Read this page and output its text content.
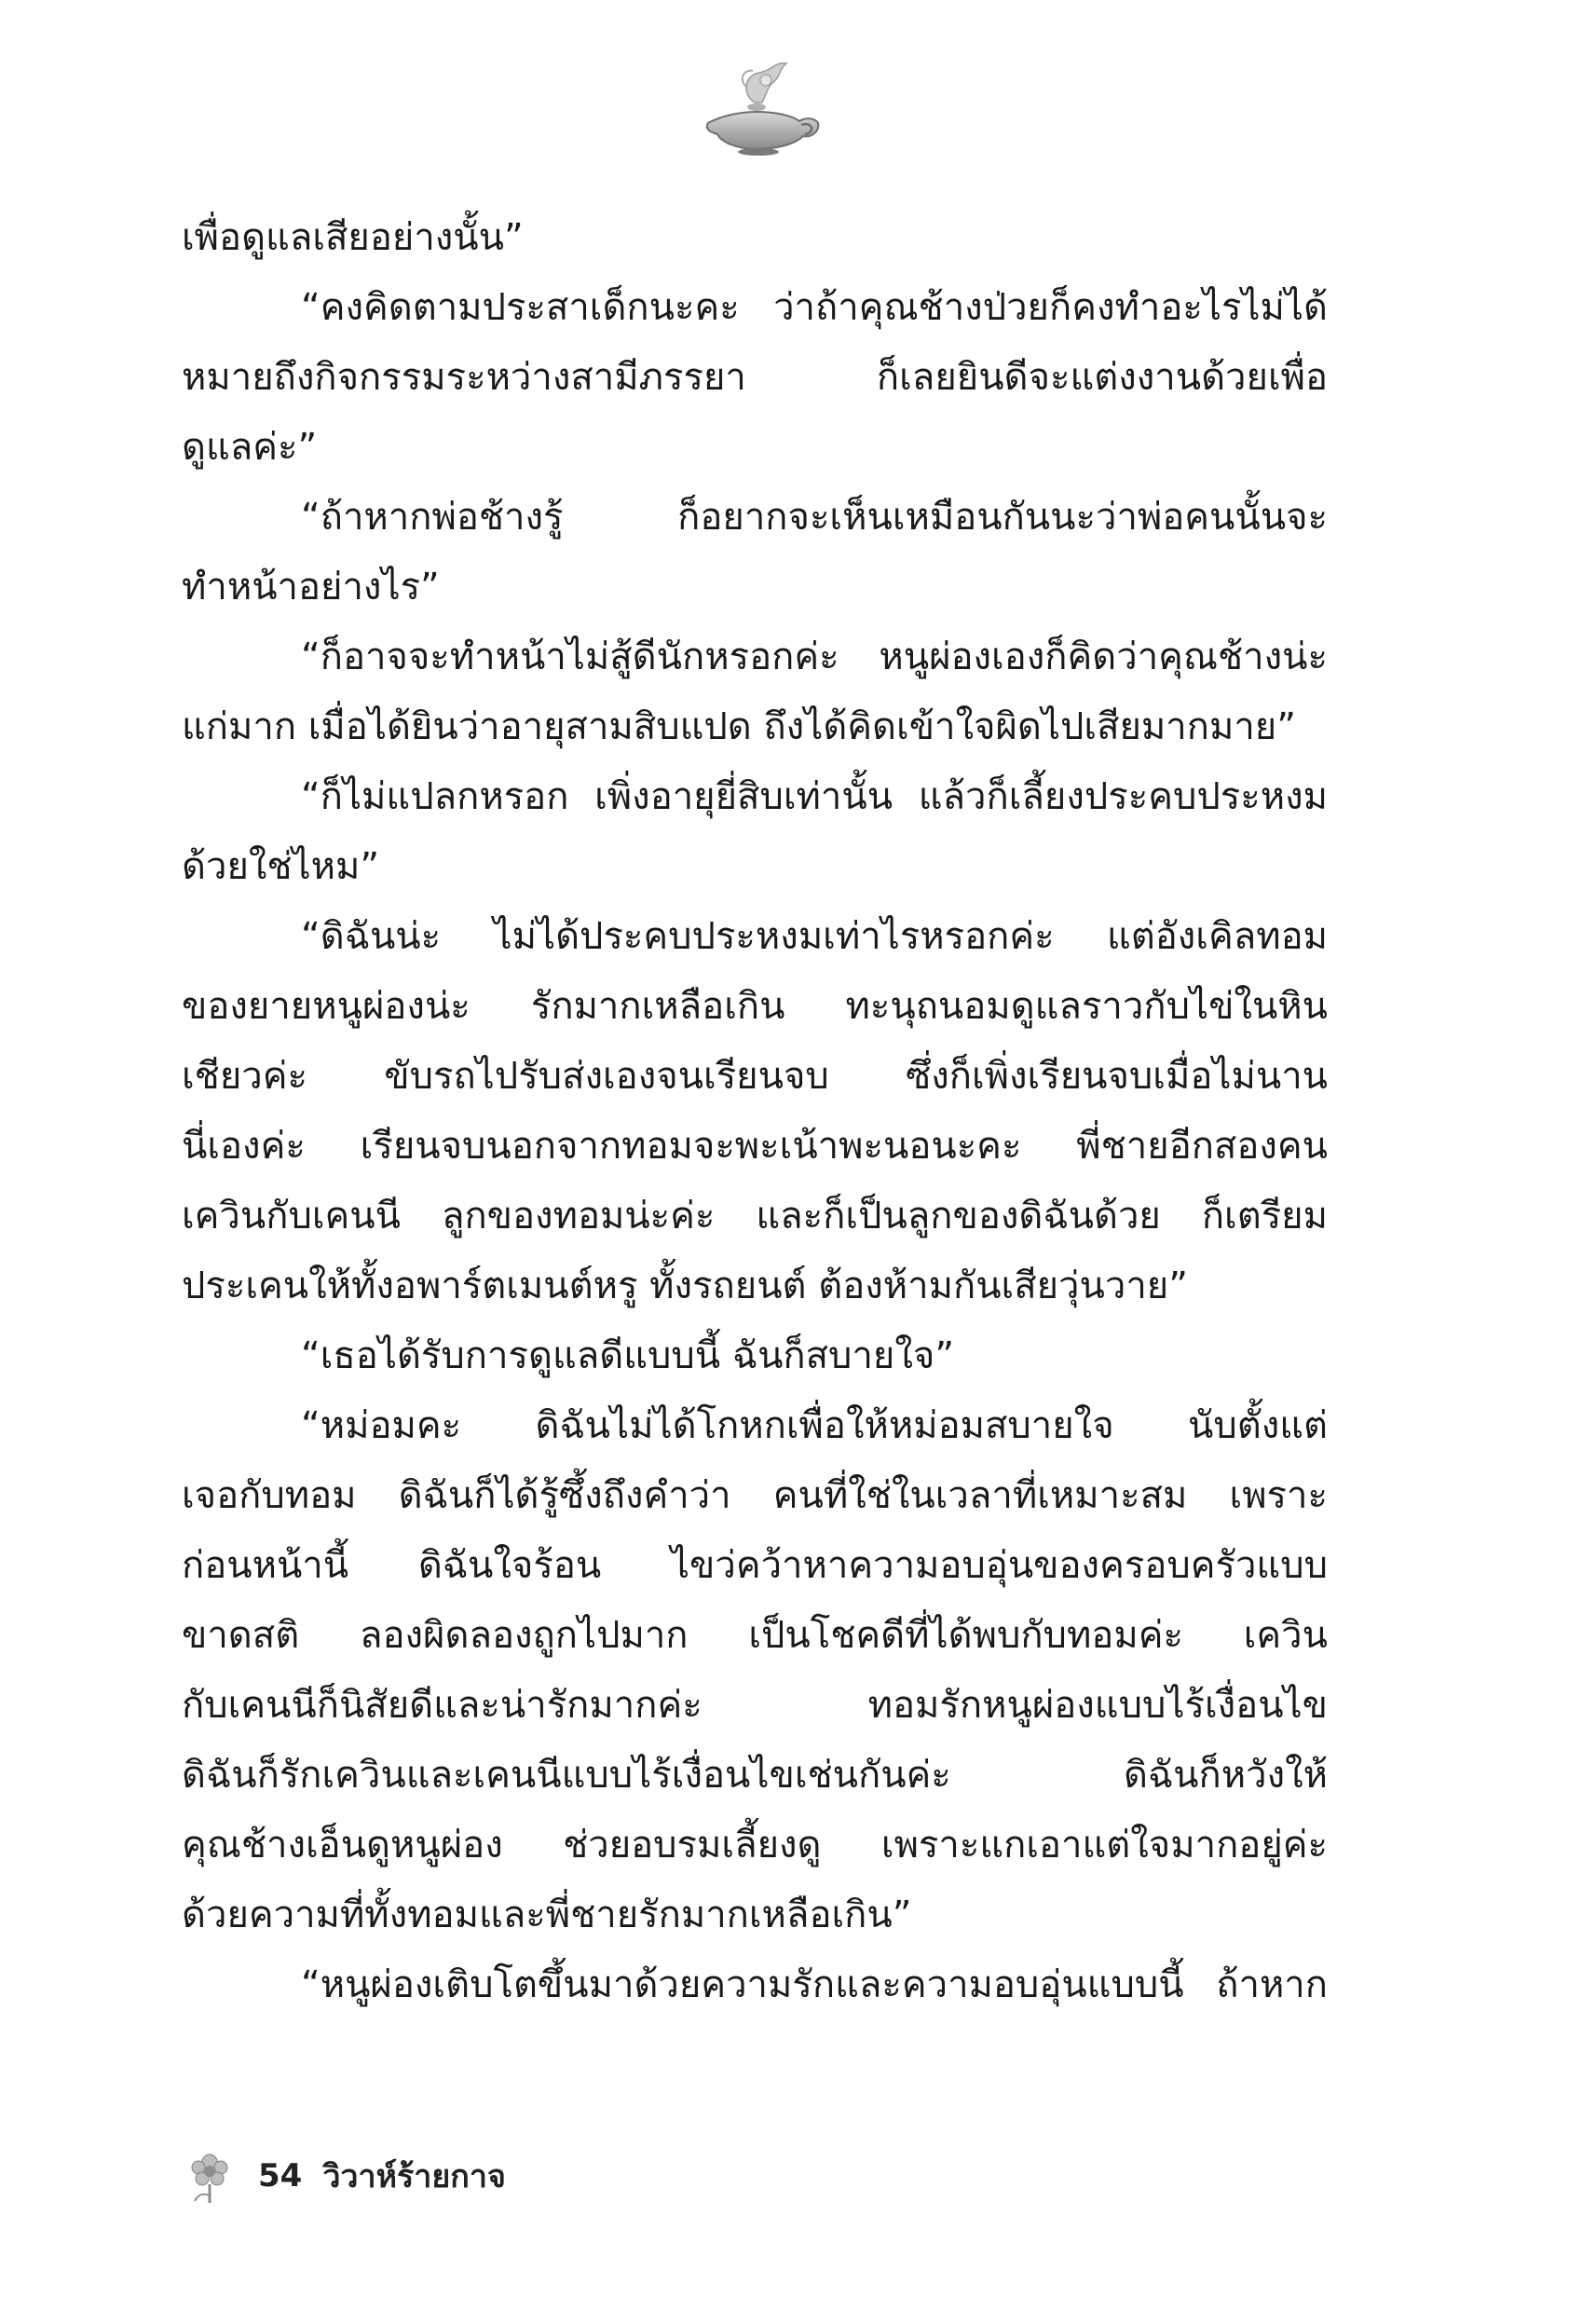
เพื่อดูแลเสียอย่างนั้น”

“คงคิดตามประสาเด็กนะคะ ว่าถ้าคุณช้างป่วยก็คงทำอะไรไม่ได้
หมายถึงกิจกรรมระหว่างสามีภรรยา ก็เลยยินดีจะแต่งงานด้วยเพื่อ
ดูแลค่ะ”

“ถ้าหากพ่อช้างรู้ ก็อยากจะเห็นเหมือนกันนะว่าพ่อคนนั้นจะ
ทำหน้าอย่างไร”

“ก็อาจจะทำหน้าไม่สู้ดีนักหรอกค่ะ หนูผ่องเองก็คิดว่าคุณช้างน่ะ
แก่มาก เมื่อได้ยินว่าอายุสามสิบแปด ถึงได้คิดเข้าใจผิดไปเสียมากมาย”

“ก็ไม่แปลกหรอก เพิ่งอายุยี่สิบเท่านั้น แล้วก็เลี้ยงประคบประหงม
ด้วยใช่ไหม”

“ดิฉันน่ะ ไม่ได้ประคบประหงมเท่าไรหรอกค่ะ แต่อังเคิลทอม
ของยายหนูผ่องน่ะ รักมากเหลือเกิน ทะนุถนอมดูแลราวกับไข่ในหิน
เชียวค่ะ ขับรถไปรับส่งเองจนเรียนจบ ซึ่งก็เพิ่งเรียนจบเมื่อไม่นาน
นี่เองค่ะ เรียนจบนอกจากทอมจะพะเน้าพะนอนะคะ พี่ชายอีกสองคน
เควินกับเคนนี ลูกของทอมน่ะค่ะ และก็เป็นลูกของดิฉันด้วย ก็เตรียม
ประเคนให้ทั้งอพาร์ตเมนต์หรู ทั้งรถยนต์ ต้องห้ามกันเสียวุ่นวาย”

“เธอได้รับการดูแลดีแบบนี้ ฉันก็สบายใจ”

“หม่อมคะ ดิฉันไม่ได้โกหกเพื่อให้หม่อมสบายใจ นับตั้งแต่
เจอกับทอม ดิฉันก็ได้รู้ซึ้งถึงคำว่า คนที่ใช่ในเวลาที่เหมาะสม เพราะ
ก่อนหน้านี้ ดิฉันใจร้อน ไขว่คว้าหาความอบอุ่นของครอบครัวแบบ
ขาดสติ ลองผิดลองถูกไปมาก เป็นโชคดีที่ได้พบกับทอมค่ะ เควิน
กับเคนนีก็นิสัยดีและน่ารักมากค่ะ ทอมรักหนูผ่องแบบไร้เงื่อนไข
ดิฉันก็รักเควินและเคนนีแบบไร้เงื่อนไขเช่นกันค่ะ ดิฉันก็หวังให้
คุณช้างเอ็นดูหนูผ่อง ช่วยอบรมเลี้ยงดู เพราะแกเอาแต่ใจมากอยู่ค่ะ
ด้วยความที่ทั้งทอมและพี่ชายรักมากเหลือเกิน”

“หนูผ่องเติบโตขึ้นมาด้วยความรักและความอบอุ่นแบบนี้ ถ้าหาก

54 วิวาห์ร้ายกาจ
